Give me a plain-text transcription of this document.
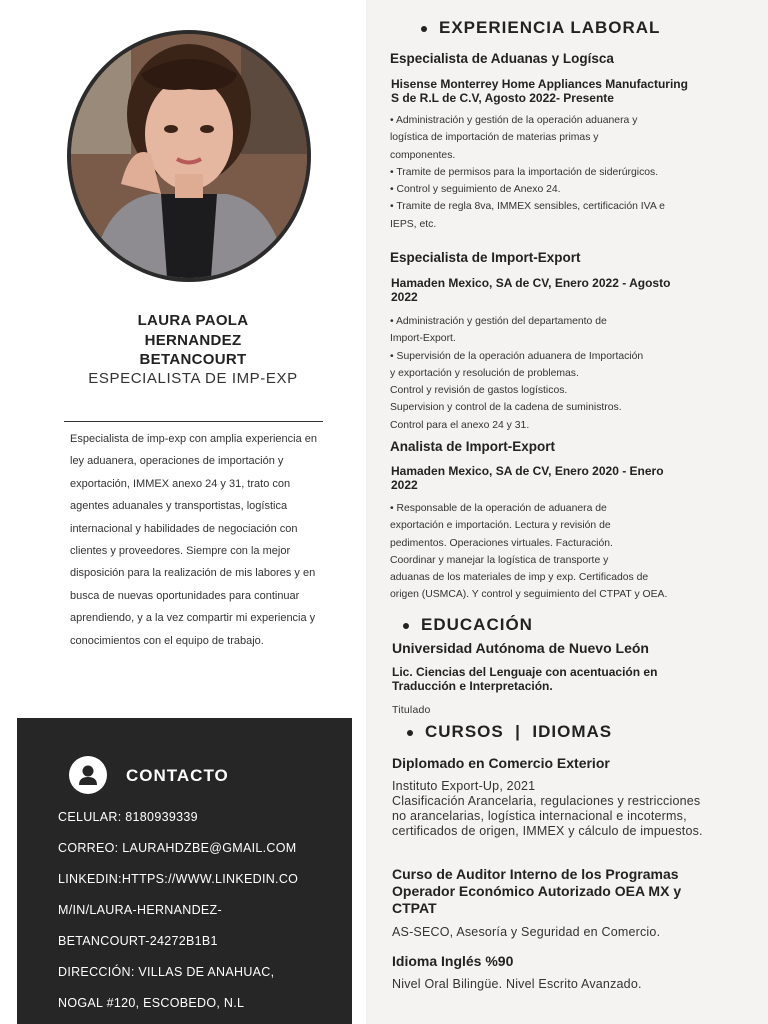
LAURA PAOLA
HERNANDEZ
BETANCOURT
ESPECIALISTA DE IMP-EXP
Especialista de imp-exp con amplia experiencia en ley aduanera, operaciones de importación y exportación, IMMEX anexo 24 y 31, trato con agentes aduanales y transportistas, logística internacional y habilidades de negociación con clientes y proveedores. Siempre con la mejor disposición para la realización de mis labores y en busca de nuevas oportunidades para continuar aprendiendo, y a la vez compartir mi experiencia y conocimientos con el equipo de trabajo.
CONTACTO
CELULAR: 8180939339
CORREO: LAURAHDZBE@GMAIL.COM
LINKEDIN:HTTPS://WWW.LINKEDIN.CO
M/IN/LAURA-HERNANDEZ-
BETANCOURT-24272B1B1
DIRECCIÓN: VILLAS DE ANAHUAC,
NOGAL #120, ESCOBEDO, N.L
EXPERIENCIA LABORAL
Especialista de Aduanas y Logísca
Hisense Monterrey Home Appliances Manufacturing S de R.L de C.V, Agosto 2022- Presente
• Administración y gestión de la operación aduanera y
logística de importación de materias primas y
componentes.
• Tramite de permisos para la importación de siderúrgicos.
• Control y seguimiento de Anexo 24.
• Tramite de regla 8va, IMMEX sensibles, certificación IVA e
IEPS, etc.
Especialista de Import-Export
Hamaden Mexico, SA de CV, Enero 2022 - Agosto 2022
• Administración y gestión del departamento de
Import-Export.
• Supervisión de la operación aduanera de Importación
y exportación y resolución de problemas.
Control y revisión de gastos logísticos.
Supervision y control de la cadena de suministros.
Control para el anexo 24 y 31.
Analista de Import-Export
Hamaden Mexico, SA de CV, Enero 2020 - Enero 2022
• Responsable de la operación de aduanera de
exportación e importación. Lectura y revisión de
pedimentos. Operaciones virtuales. Facturación.
Coordinar y manejar la logística de transporte y
aduanas de los materiales de imp y exp. Certificados de
origen (USMCA). Y control y seguimiento del CTPAT y OEA.
EDUCACIÓN
Universidad Autónoma de Nuevo León
Lic. Ciencias del Lenguaje con acentuación en Traducción e Interpretación.
Titulado
CURSOS  |  IDIOMAS
Diplomado en Comercio Exterior
Instituto Export-Up, 2021
Clasificación Arancelaria, regulaciones y restricciones no arancelarias, logística internacional e incoterms, certificados de origen, IMMEX y cálculo de impuestos.
Curso de Auditor Interno de los Programas Operador Económico Autorizado OEA MX y CTPAT
AS-SECO, Asesoría y Seguridad en Comercio.
Idioma Inglés %90
Nivel Oral Bilingüe. Nivel Escrito Avanzado.
